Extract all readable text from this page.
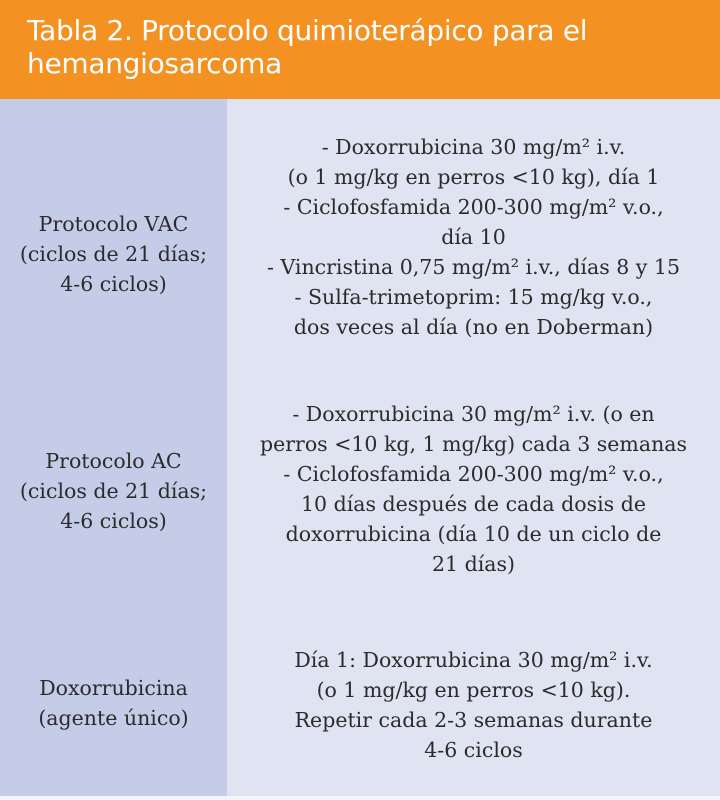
Tabla 2. Protocolo quimioterápico para el
hemangiosarcoma
Protocolo VAC
(ciclos de 21 días;
4-6 ciclos)
Protocolo AC
(ciclos de 21 días;
4-6 ciclos)
Doxorrubicina
(agente único)
- Doxorrubicina 30 mg/m² i.v.
(o 1 mg/kg en perros <10 kg), día 1
- Ciclofosfamida 200-300 mg/m² v.o.,
día 10
- Vincristina 0,75 mg/m² i.v., días 8 y 15
- Sulfa-trimetoprim: 15 mg/kg v.o.,
dos veces al día (no en Doberman)
- Doxorrubicina 30 mg/m² i.v. (o en
perros <10 kg, 1 mg/kg) cada 3 semanas
- Ciclofosfamida 200-300 mg/m² v.o.,
10 días después de cada dosis de
doxorrubicina (día 10 de un ciclo de
21 días)
Día 1: Doxorrubicina 30 mg/m² i.v.
(o 1 mg/kg en perros <10 kg).
Repetir cada 2-3 semanas durante
4-6 ciclos
